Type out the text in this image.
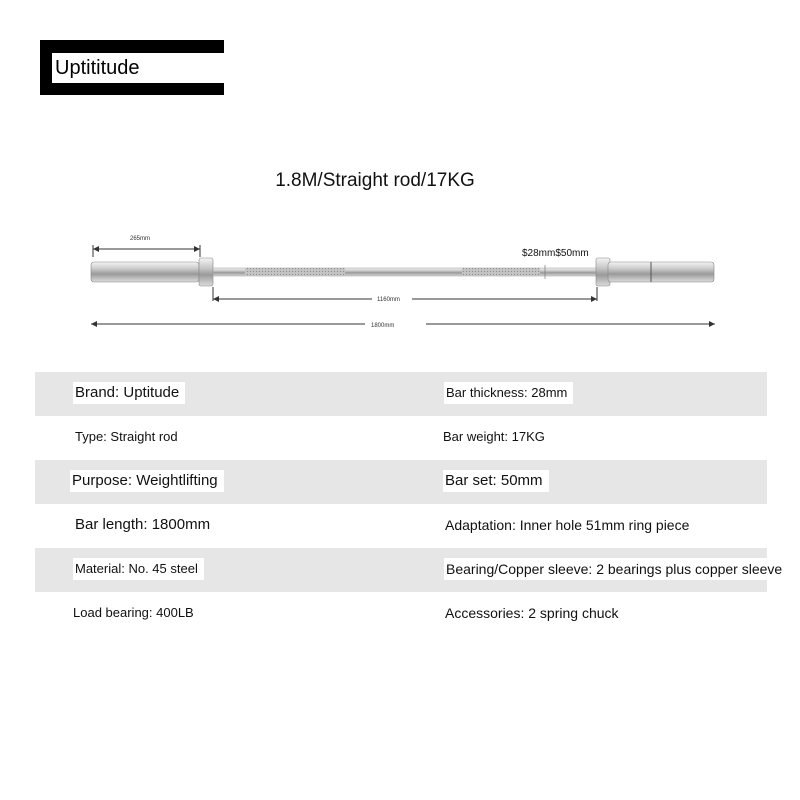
Uptititude
1.8M/Straight rod/17KG
265mm
$28mm$50mm
1160mm
1800mm
Brand: Uptitude	Bar thickness: 28mm
Type: Straight rod	Bar weight: 17KG
Purpose: Weightlifting	Bar set: 50mm
Bar length: 1800mm	Adaptation: Inner hole 51mm ring piece
Material: No. 45 steel	Bearing/Copper sleeve: 2 bearings plus copper sleeve
Load bearing: 400LB	Accessories: 2 spring chuck
